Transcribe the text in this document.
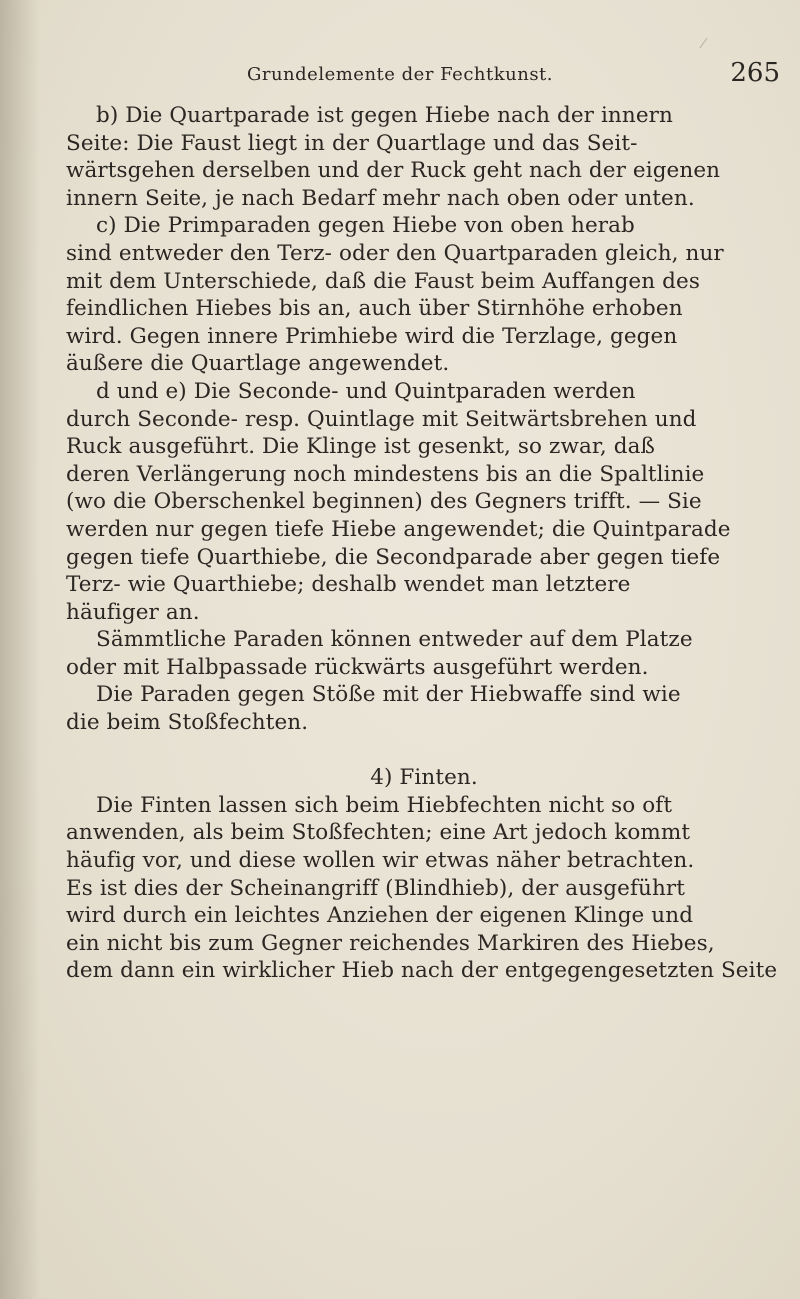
Grundelemente der Fechtkunst.	265
b) Die Quartparade ist gegen Hiebe nach der innern
Seite: Die Faust liegt in der Quartlage und das Seit-
wärtsgehen derselben und der Ruck geht nach der eigenen
innern Seite, je nach Bedarf mehr nach oben oder unten.
c) Die Primparaden gegen Hiebe von oben herab
sind entweder den Terz- oder den Quartparaden gleich, nur
mit dem Unterschiede, daß die Faust beim Auffangen des
feindlichen Hiebes bis an, auch über Stirnhöhe erhoben
wird. Gegen innere Primhiebe wird die Terzlage, gegen
äußere die Quartlage angewendet.
d und e) Die Seconde- und Quintparaden werden
durch Seconde- resp. Quintlage mit Seitwärtsbrehen und
Ruck ausgeführt. Die Klinge ist gesenkt, so zwar, daß
deren Verlängerung noch mindestens bis an die Spaltlinie
(wo die Oberschenkel beginnen) des Gegners trifft. — Sie
werden nur gegen tiefe Hiebe angewendet; die Quintparade
gegen tiefe Quarthiebe, die Secondparade aber gegen tiefe
Terz- wie Quarthiebe; deshalb wendet man letztere
häufiger an.
Sämmtliche Paraden können entweder auf dem Platze
oder mit Halbpassade rückwärts ausgeführt werden.
Die Paraden gegen Stöße mit der Hiebwaffe sind wie
die beim Stoßfechten.
4) Finten.
Die Finten lassen sich beim Hiebfechten nicht so oft
anwenden, als beim Stoßfechten; eine Art jedoch kommt
häufig vor, und diese wollen wir etwas näher betrachten.
Es ist dies der Scheinangriff (Blindhieb), der ausgeführt
wird durch ein leichtes Anziehen der eigenen Klinge und
ein nicht bis zum Gegner reichendes Markiren des Hiebes,
dem dann ein wirklicher Hieb nach der entgegengesetzten Seite
